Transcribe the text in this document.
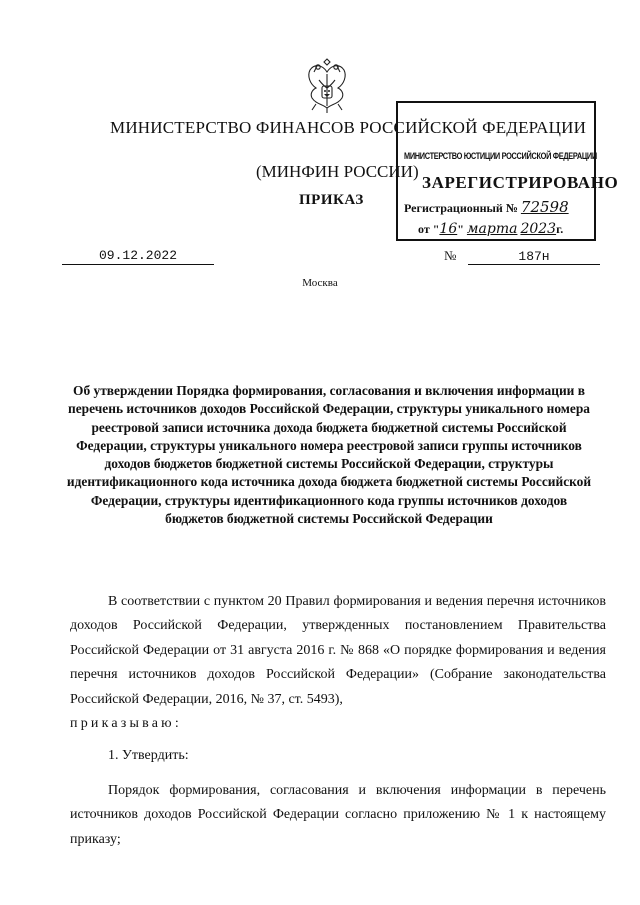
МИНИСТЕРСТВО ФИНАНСОВ РОССИЙСКОЙ ФЕДЕРАЦИИ
(МИНФИН РОССИИ)
ПРИКАЗ
МИНИСТЕРСТВО ЮСТИЦИИ РОССИЙСКОЙ ФЕДЕРАЦИИ
ЗАРЕГИСТРИРОВАНО
Регистрационный № 72598
от "16" марта 2023г.
09.12.2022	№	187н
Москва
Об утверждении Порядка формирования, согласования и включения информации в перечень источников доходов Российской Федерации, структуры уникального номера реестровой записи источника дохода бюджета бюджетной системы Российской Федерации, структуры уникального номера реестровой записи группы источников доходов бюджетов бюджетной системы Российской Федерации, структуры идентификационного кода источника дохода бюджета бюджетной системы Российской Федерации, структуры идентификационного кода группы источников доходов бюджетов бюджетной системы Российской Федерации

В соответствии с пунктом 20 Правил формирования и ведения перечня источников доходов Российской Федерации, утвержденных постановлением Правительства Российской Федерации от 31 августа 2016 г. № 868 «О порядке формирования и ведения перечня источников доходов Российской Федерации» (Собрание законодательства Российской Федерации, 2016, № 37, ст. 5493),

приказываю:

1. Утвердить:

Порядок формирования, согласования и включения информации в перечень источников доходов Российской Федерации согласно приложению № 1 к настоящему приказу;
